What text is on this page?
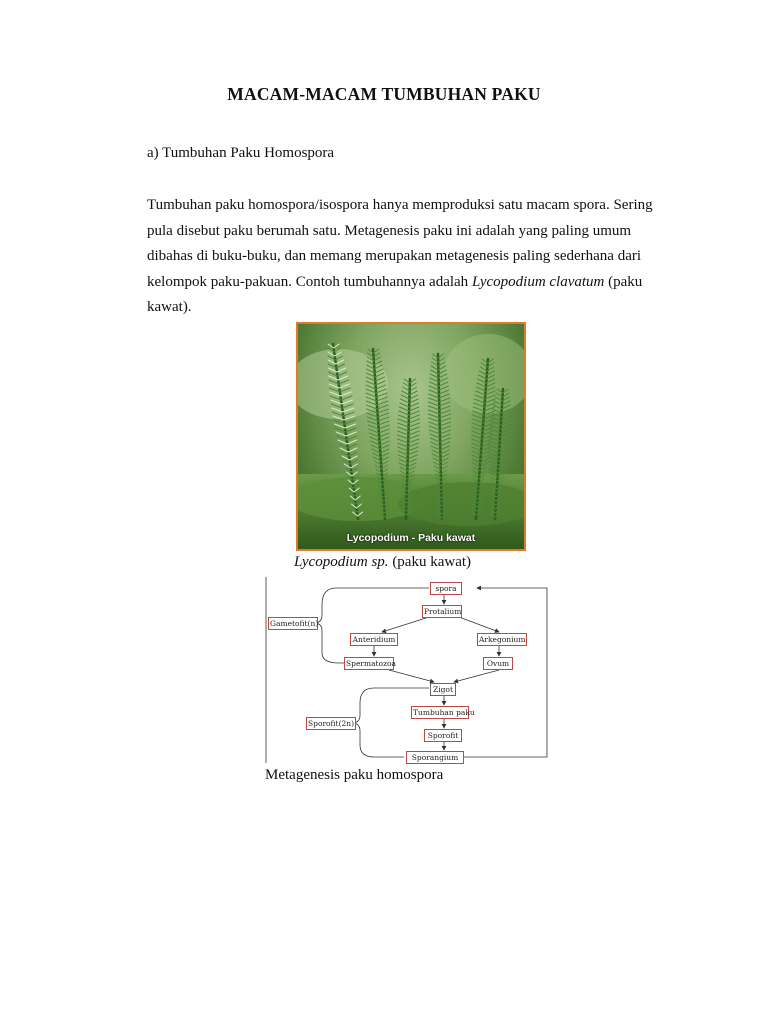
MACAM-MACAM TUMBUHAN PAKU
a) Tumbuhan Paku Homospora
Tumbuhan paku homospora/isospora hanya memproduksi satu macam spora. Sering pula disebut paku berumah satu. Metagenesis paku ini adalah yang paling umum dibahas di buku-buku, dan memang merupakan metagenesis paling sederhana dari kelompok paku-pakuan. Contoh tumbuhannya adalah Lycopodium clavatum (paku kawat).
Lycopodium - Paku kawat
Lycopodium sp. (paku kawat)
spora
Protalium
Anteridium	Arkegonium
Spermatozoa	Ovum
Zigot
Tumbuhan paku
Sporofit
Sporangium
Gametofit(n)
Sporofit(2n)
Metagenesis paku homospora
